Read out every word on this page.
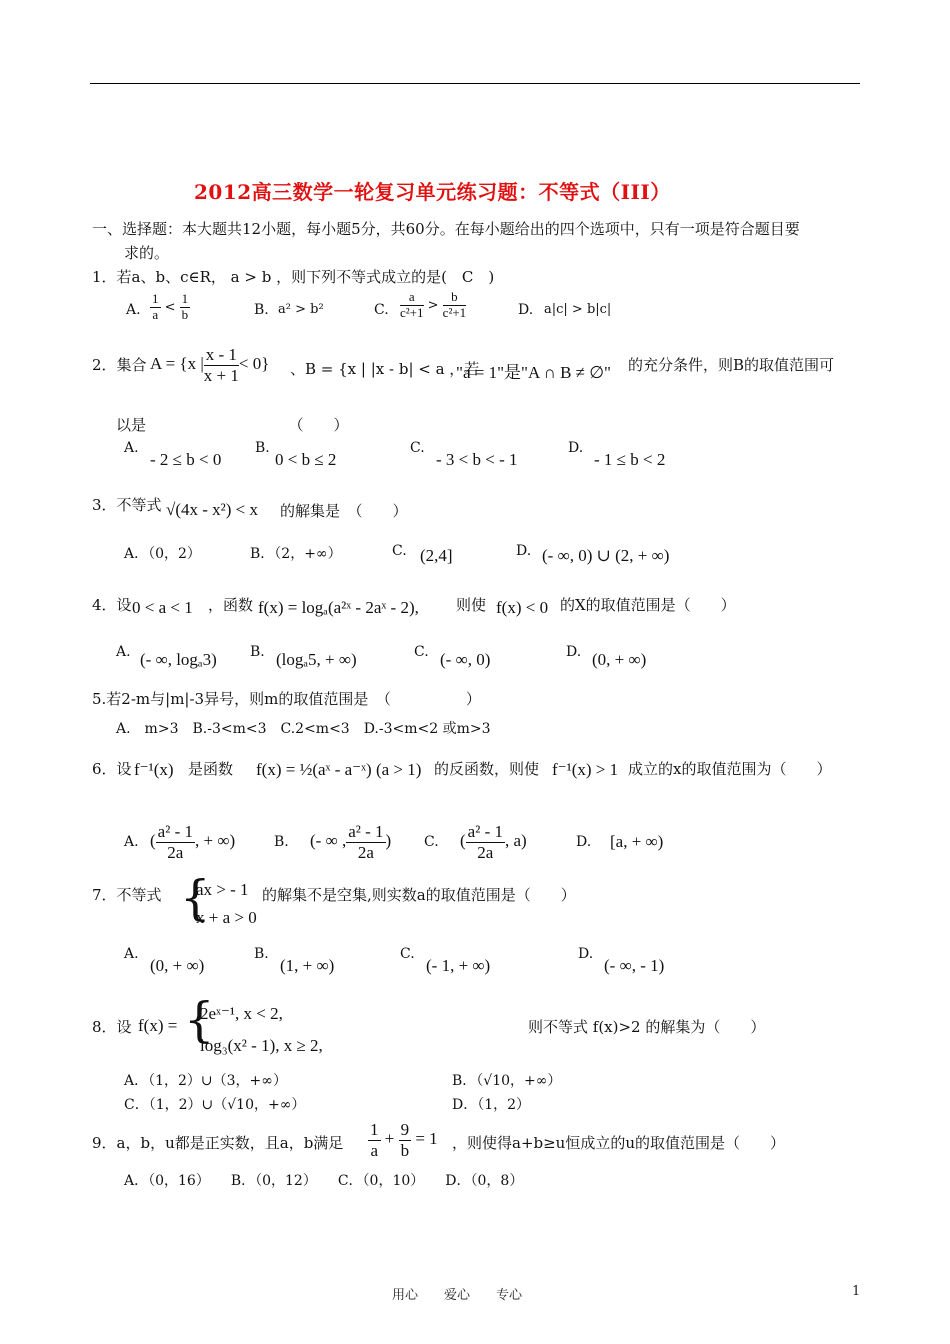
2012高三数学一轮复习单元练习题：不等式（III）
一、选择题：本大题共12小题，每小题5分，共60分。在每小题给出的四个选项中，只有一项是符合题目要
求的。
1．若a、b、c∈R， a > b ，则下列不等式成立的是(　C　)
A. $\frac{1}{a} < \frac{1}{b}$	B. a² > b²	C. $\frac{a}{\text{c²+1}} > \frac{b}{\text{c²+1}}$	D. a|c| > b|c|
2．集合 A = {x | $\frac{x - 1}{x + 1} < 0$} 、B = {x | |x - b| < a ，若
"a = 1"是"A ∩ B ≠ ∅" 的充分条件，则B的取值范围可
以是　　　　　　　　　　（　　）
A.
- 2 ≤ b < 0
B.
0 < b ≤ 2
C.
- 3 < b < - 1
D.
- 1 ≤ b < 2
3．不等式 √(4x - x²) < x 的解集是　（　　）
A．（0，2）	B．（2，+∞）	C. (2,4]	D. (- ∞, 0) ∪ (2, + ∞)
4．设 0 < a < 1 ，函数 f(x) = logₐ(a²ˣ - 2aˣ - 2), 则使 f(x) < 0 的X的取值范围是（　　）
A. (- ∞, logₐ3) B. (logₐ5, + ∞)	C. (- ∞, 0)	D. (0, + ∞)
5.若2-m与|m|-3异号，则m的取值范围是　（　　　　　）
A.　m>3　B.-3<m<3　C.2<m<3　D.-3<m<2 或m>3
6．设 f⁻¹(x) 是函数 f(x) = ½(aˣ - a⁻ˣ) (a > 1) 的反函数，则使 f⁻¹(x) > 1 成立的x的取值范围为（　　）
A. ( $\frac{\text{a² - 1}}{2a}$ , + ∞)	B. (- ∞ , $\frac{\text{a² - 1}}{2a}$ ) C. ( $\frac{\text{a² - 1}}{2a}$ , a)	D. [a, + ∞)
7．不等式 {
ax > - 1
x + a > 0
的解集不是空集,则实数a的取值范围是（　　）
A.
(0, + ∞)
B.
(1, + ∞)
C.
(- 1, + ∞)
D.
(- ∞, - 1)
8．设 f(x) = {
2eˣ⁻¹, x < 2,
log₃(x² - 1), x ≥ 2,
则不等式 f(x)>2 的解集为（　　）
A．（1，2）∪（3，+∞）	B．（√10，+∞）
C．（1，2）∪（√10，+∞）	D．（1，2）
9．a，b，u都是正实数，且a，b满足 $\frac{1}{a} + \frac{9}{b} = 1$ ，则使得a+b≥u恒成立的u的取值范围是（　　）
A．（0，16）　　B．（0，12）　　C．（0，10）　　D．（0，8）
用心　　爱心　　专心	1
